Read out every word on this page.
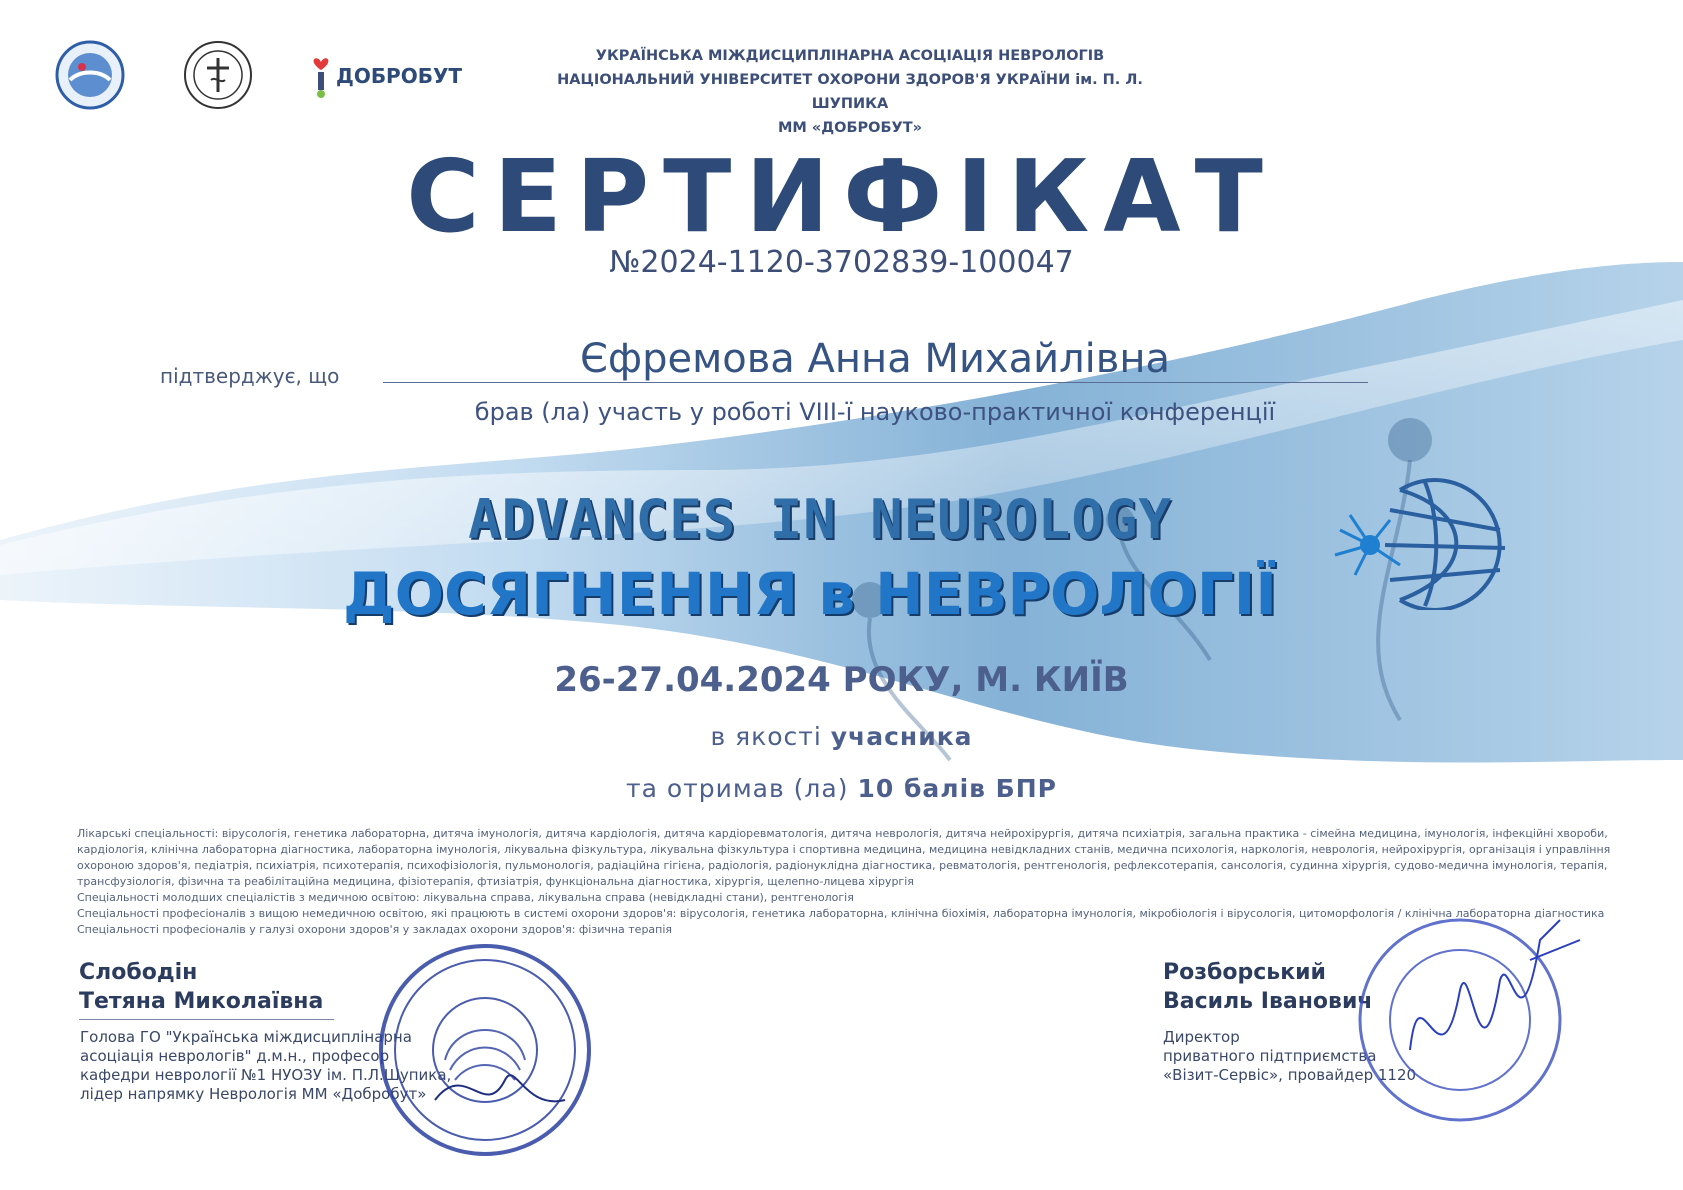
ДОБРОБУТ
УКРАЇНСЬКА МІЖДИСЦИПЛІНАРНА АСОЦІАЦІЯ НЕВРОЛОГІВ
НАЦІОНАЛЬНИЙ УНІВЕРСИТЕТ ОХОРОНИ ЗДОРОВ'Я УКРАЇНИ ім. П. Л. ШУПИКА
ММ «ДОБРОБУТ»
СЕРТИФІКАТ
№2024-1120-3702839-100047
підтверджує, що	Єфремова Анна Михайлівна
брав (ла) участь у роботі VIII-ї науково-практичної конференції
ADVANCES IN NEUROLOGY
ДОСЯГНЕННЯ в НЕВРОЛОГІЇ
26-27.04.2024 РОКУ, М. КИЇВ
в якості учасника
та отримав (ла) 10 балів БПР
Лікарські спеціальності: вірусологія, генетика лабораторна, дитяча імунологія, дитяча кардіологія, дитяча кардіоревматологія, дитяча неврологія, дитяча нейрохірургія, дитяча психіатрія, загальна практика - сімейна медицина, імунологія, інфекційні хвороби, кардіологія, клінічна лабораторна діагностика, лабораторна імунологія, лікувальна фізкультура, лікувальна фізкультура і спортивна медицина, медицина невідкладних станів, медична психологія, наркологія, неврологія, нейрохірургія, організація і управління охороною здоров'я, педіатрія, психіатрія, психотерапія, психофізіологія, пульмонологія, радіаційна гігієна, радіологія, радіонуклідна діагностика, ревматологія, рентгенологія, рефлексотерапія, сансологія, судинна хірургія, судово-медична імунологія, терапія, трансфузіологія, фізична та реабілітаційна медицина, фізіотерапія, фтизіатрія, функціональна діагностика, хірургія, щелепно-лицева хірургія
Спеціальності молодших спеціалістів з медичною освітою: лікувальна справа, лікувальна справа (невідкладні стани), рентгенологія
Спеціальності професіоналів з вищою немедичною освітою, які працюють в системі охорони здоров'я: вірусологія, генетика лабораторна, клінічна біохімія, лабораторна імунологія, мікробіологія і вірусологія, цитоморфологія / клінічна лабораторна діагностика
Спеціальності професіоналів у галузі охорони здоров'я у закладах охорони здоров'я: фізична терапія
Слободін
Тетяна Миколаївна
Голова ГО "Українська міждисциплінарна
асоціація неврологів" д.м.н., професор
кафедри неврології №1 НУОЗУ ім. П.Л.Шупика,
лідер напрямку Неврологія ММ «Добробут»
Розборський
Василь Іванович
Директор
приватного підтприємства
«Візит-Сервіс», провайдер 1120
